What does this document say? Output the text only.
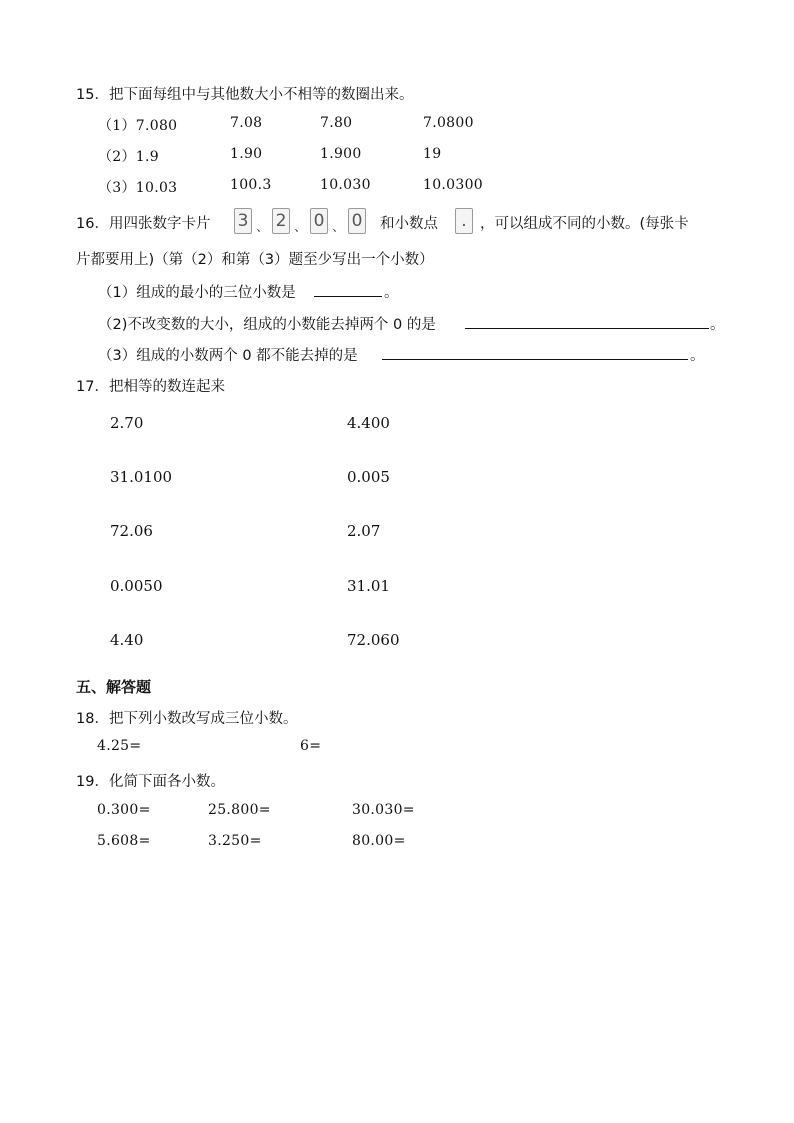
15．把下面每组中与其他数大小不相等的数圈出来。
（1）7.080	7.08	7.80	7.0800
（2）1.9	1.90	1.900	19
（3）10.03	100.3	10.030	10.0300
16．用四张数字卡片 3 、 2 、 0 、 0 和小数点	. ，可以组成不同的小数。(每张卡
片都要用上)（第（2）和第（3）题至少写出一个小数）
（1）组成的最小的三位小数是	。
（2)不改变数的大小，组成的小数能去掉两个 0 的是	。
（3）组成的小数两个 0 都不能去掉的是	。
17．把相等的数连起来
2.70
31.0100
72.06
0.0050
4.40
4.400
0.005
2.07
31.01
72.060
五、解答题
18．把下列小数改写成三位小数。
4.25=	6=
19．化简下面各小数。
0.300=	25.800=	30.030=
5.608=	3.250=	80.00=
